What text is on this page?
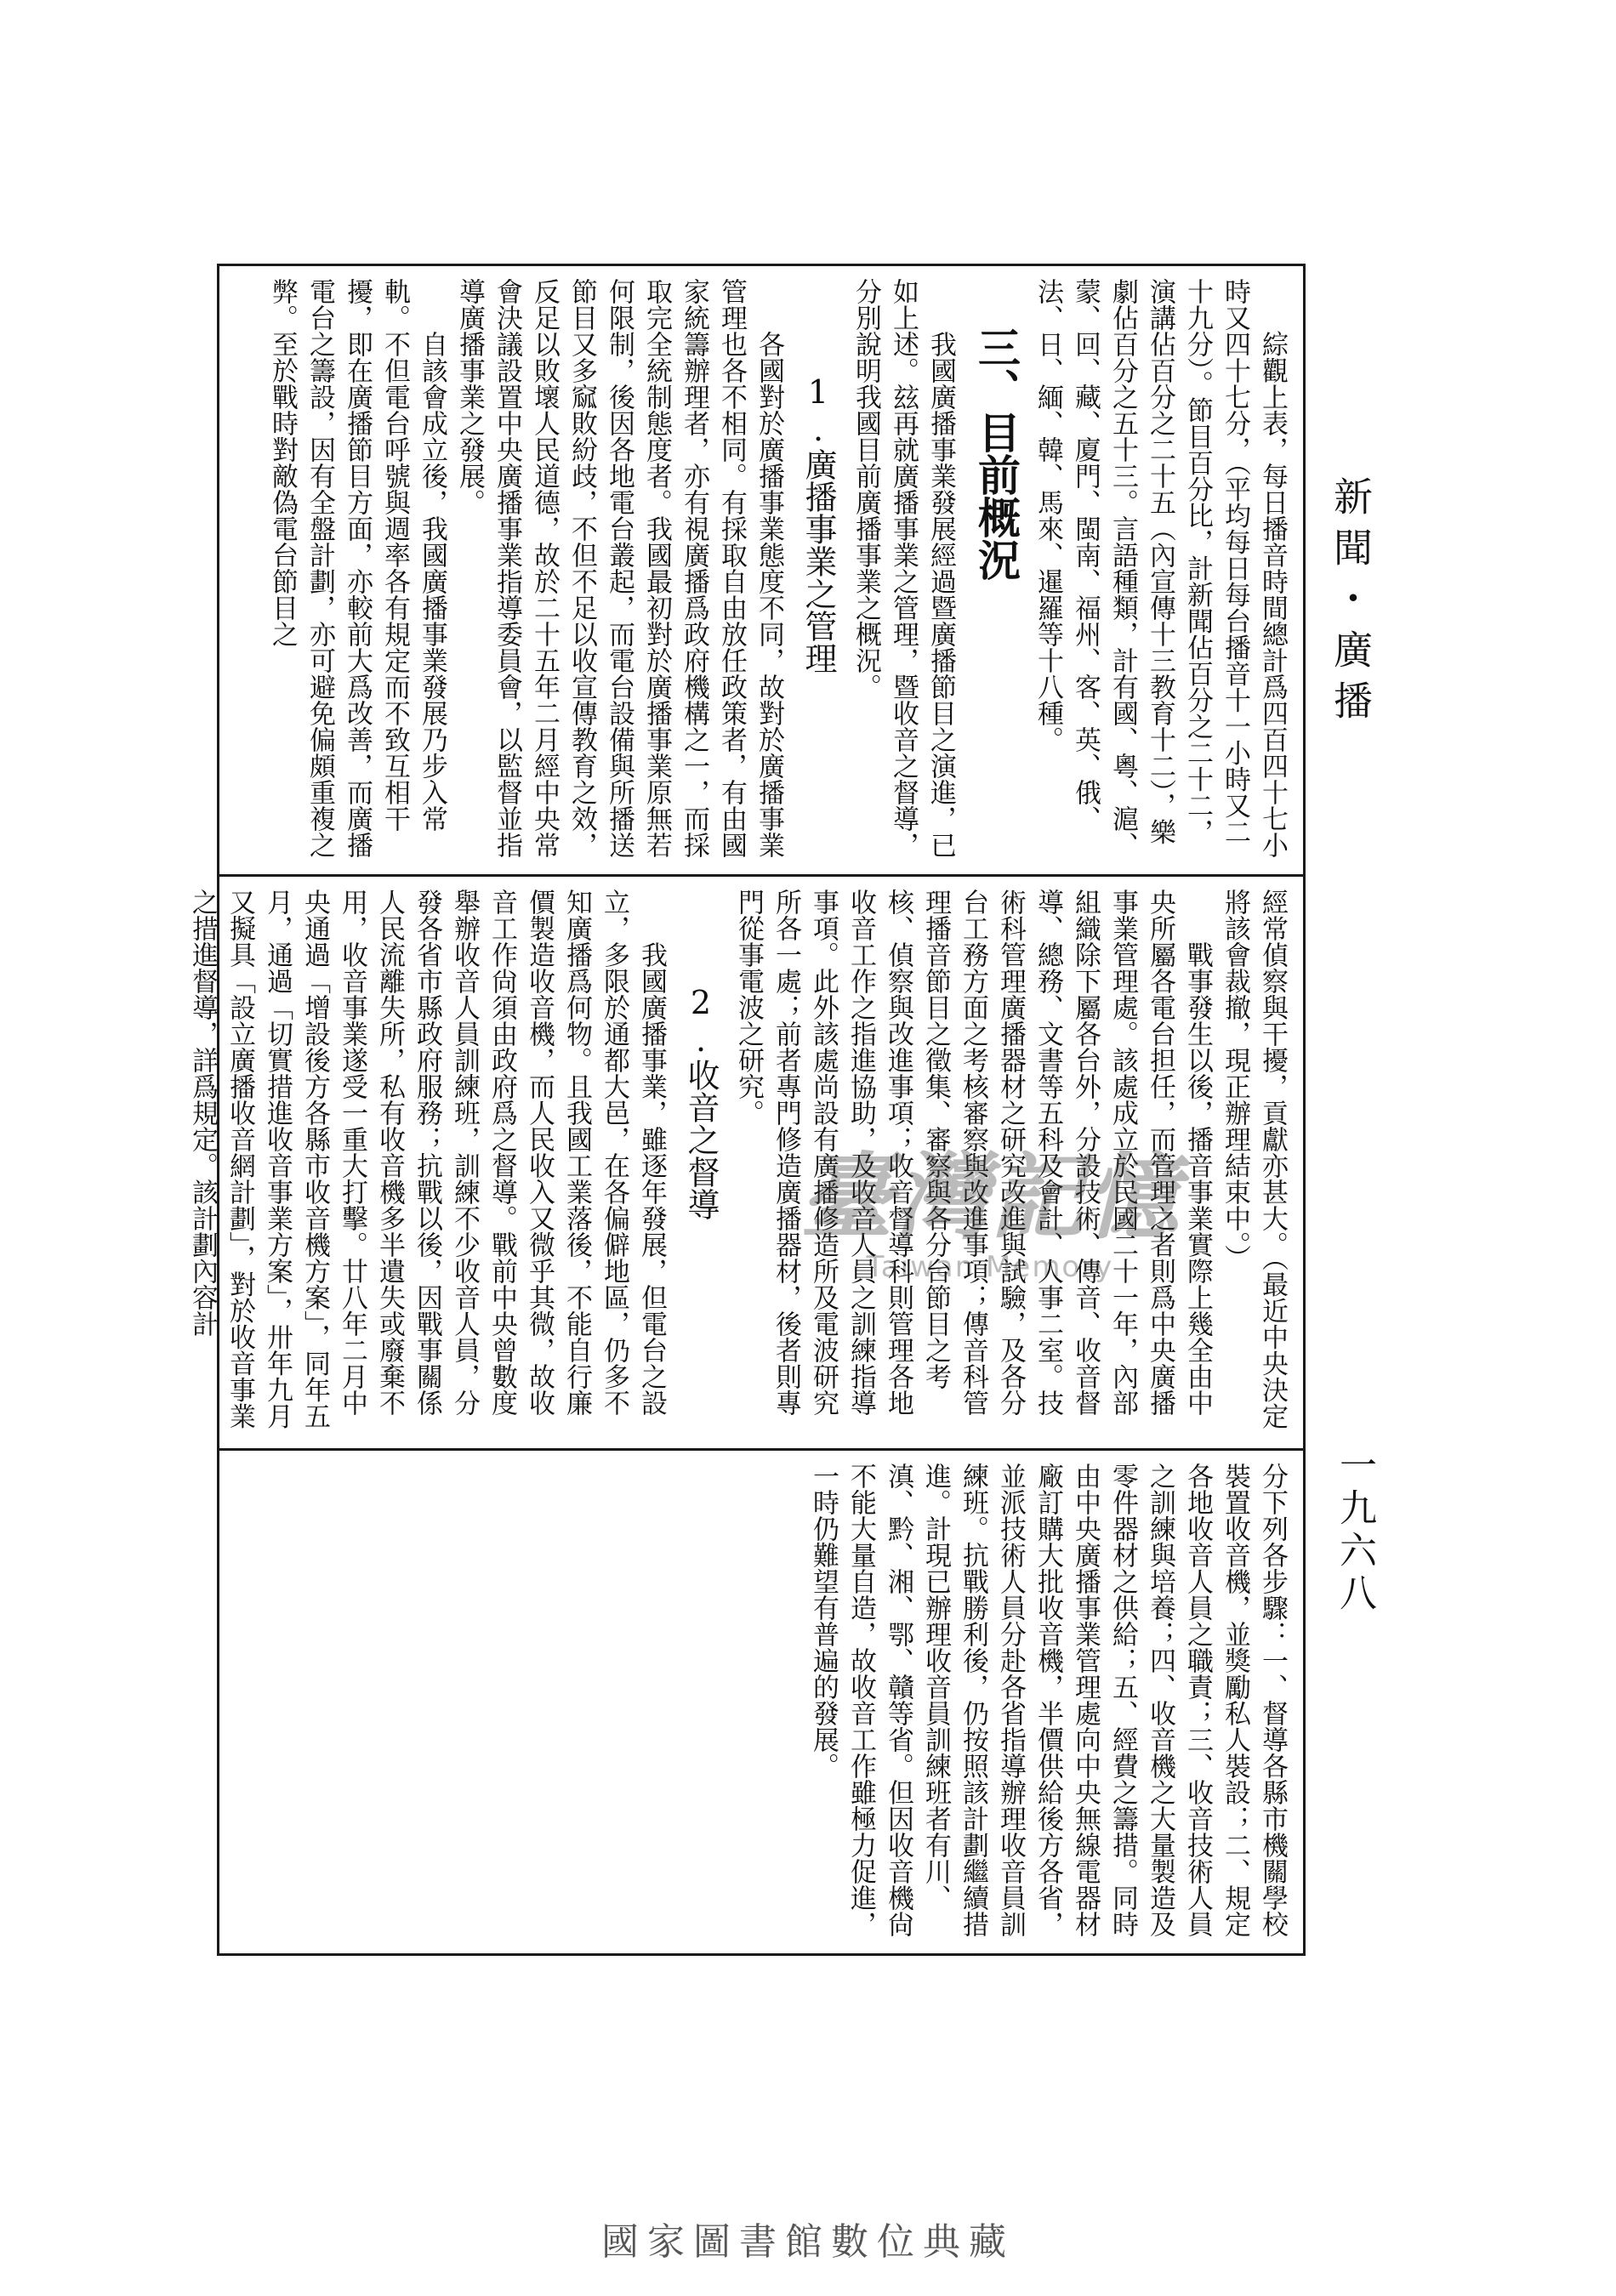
新聞・廣播
綜觀上表，每日播音時間總計爲四百四十七小時又四十七分，（平均每日每台播音十一小時又二十九分）。節目百分比，計新聞佔百分之二十二，演講佔百分之二十五（內宣傳十三教育十二），樂劇佔百分之五十三。言語種類，計有國、粵、滬、蒙、回、藏、廈門、閩南、福州、客、英、俄、法、日、緬、韓、馬來、暹羅等十八種。
三、目前概況
我國廣播事業發展經過暨廣播節目之演進，已如上述。玆再就廣播事業之管理，暨收音之督導，分別說明我國目前廣播事業之概況。
1.廣播事業之管理
各國對於廣播事業態度不同，故對於廣播事業管理也各不相同。有採取自由放任政策者，有由國家統籌辦理者，亦有視廣播爲政府機構之一，而採取完全統制態度者。我國最初對於廣播事業原無若何限制，後因各地電台叢起，而電台設備與所播送節目又多窳敗紛歧，不但不足以收宣傳教育之效，反足以敗壞人民道德，故於二十五年二月經中央常會決議設置中央廣播事業指導委員會，以監督並指導廣播事業之發展。
自該會成立後，我國廣播事業發展乃步入常軌。不但電台呼號與週率各有規定而不致互相干擾，即在廣播節目方面，亦較前大爲改善，而廣播電台之籌設，因有全盤計劃，亦可避免偏頗重複之弊。至於戰時對敵偽電台節目之
經常偵察與干擾，貢獻亦甚大。（最近中央決定將該會裁撤，現正辦理結束中。）
戰事發生以後，播音事業實際上幾全由中央所屬各電台担任，而管理之者則爲中央廣播事業管理處。該處成立於民國二十一年，內部組織除下屬各台外，分設技術、傳音、收音督導、總務、文書等五科及會計、人事二室。技術科管理廣播器材之研究改進與試驗，及各分台工務方面之考核審察與改進事項；傳音科管理播音節目之徵集、審察與各分台節目之考核、偵察與改進事項；收音督導科則管理各地收音工作之指進協助，及收音人員之訓練指導事項。此外該處尚設有廣播修造所及電波研究所各一處；前者專門修造廣播器材，後者則專門從事電波之研究。
2.收音之督導
我國廣播事業，雖逐年發展，但電台之設立，多限於通都大邑，在各偏僻地區，仍多不知廣播爲何物。且我國工業落後，不能自行廉價製造收音機，而人民收入又微乎其微，故收音工作尙須由政府爲之督導。戰前中央曾數度舉辦收音人員訓練班，訓練不少收音人員，分發各省市縣政府服務；抗戰以後，因戰事關係人民流離失所，私有收音機多半遺失或廢棄不用，收音事業遂受一重大打擊。廿八年二月中央通過「增設後方各縣市收音機方案」，同年五月，通過「切實措進收音事業方案」，卅年九月又擬具「設立廣播收音網計劃」，對於收音事業之措進督導，詳爲規定。該計劃內容計
分下列各步驟：一、督導各縣市機關學校裝置收音機，並獎勵私人裝設；二、規定各地收音人員之職責；三、收音技術人員之訓練與培養；四、收音機之大量製造及零件器材之供給；五、經費之籌措。同時由中央廣播事業管理處向中央無線電器材廠訂購大批收音機，半價供給後方各省，並派技術人員分赴各省指導辦理收音員訓練班。抗戰勝利後，仍按照該計劃繼續措進。計現已辦理收音員訓練班者有川、滇、黔、湘、鄂、贛等省。但因收音機尙不能大量自造，故收音工作雖極力促進，一時仍難望有普遍的發展。
臺灣記憶
Taiwan Memory
一九六八
國家圖書館數位典藏
